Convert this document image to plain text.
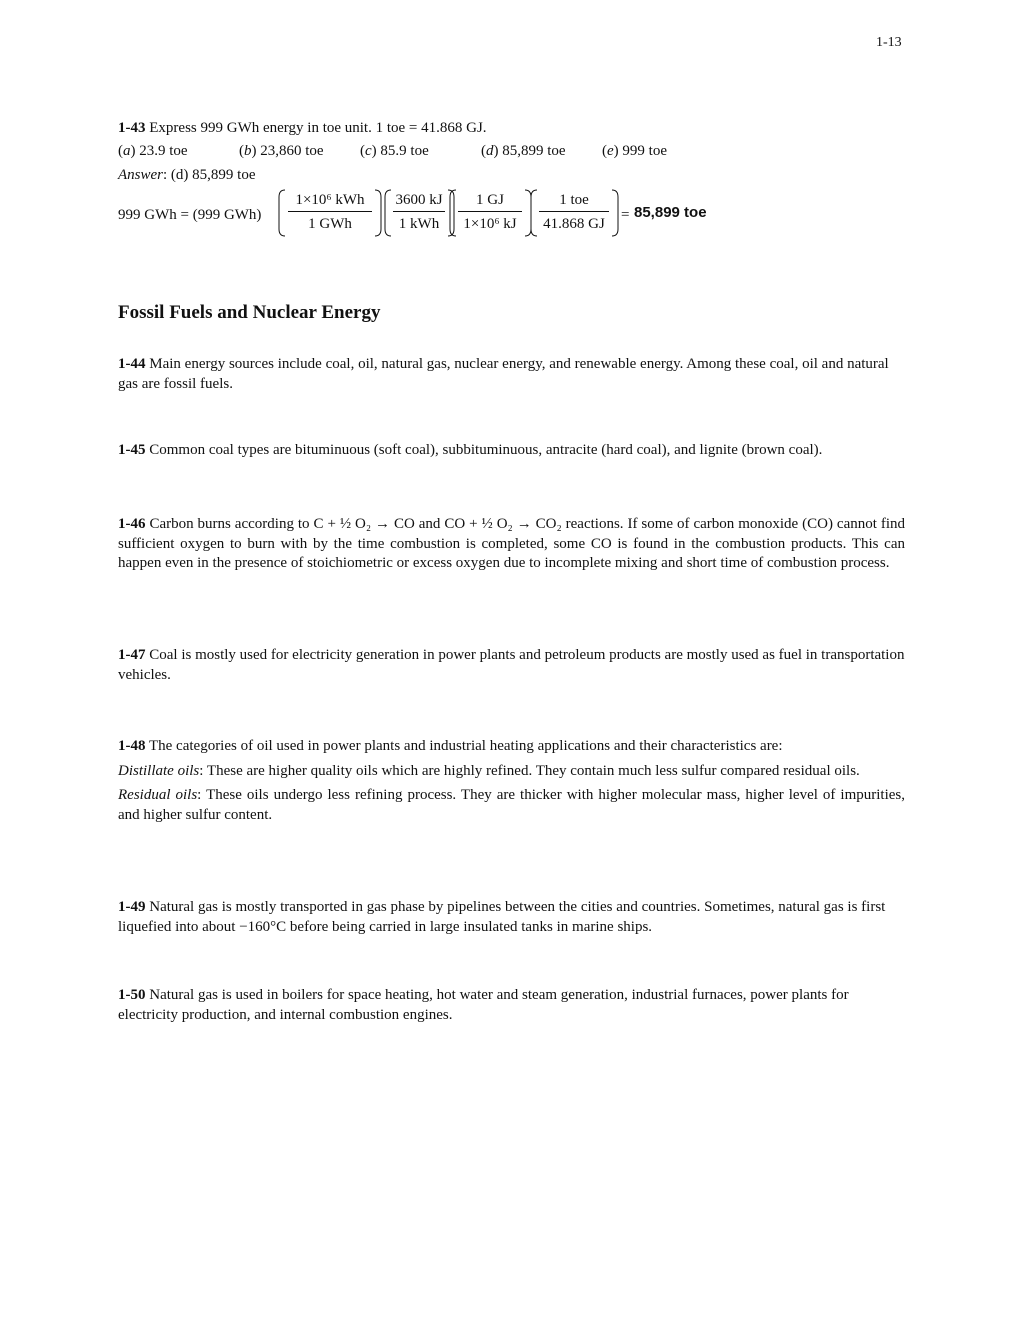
1-13

1-43 Express 999 GWh energy in toe unit. 1 toe = 41.868 GJ.

(a) 23.9 toe	(b) 23,860 toe	(c) 85.9 toe	(d) 85,899 toe	(e) 999 toe
Answer: (d) 85,899 toe
999 GWh = (999 GWh)
1×10⁶ kWh
1 GWh
3600 kJ
1 kWh	$\frac{1 GJ}{\text{1×10⁶ kJ}}$	1 toe
41.868 GJ
= 85,899 toe
Fossil Fuels and Nuclear Energy

1-44 Main energy sources include coal, oil, natural gas, nuclear energy, and renewable energy. Among these coal, oil and natural gas are fossil fuels.

1-45 Common coal types are bituminuous (soft coal), subbituminuous, antracite (hard coal), and lignite (brown coal).

1-46 Carbon burns according to C + ½ O₂ → CO and CO + ½ O₂ → CO₂ reactions. If some of carbon monoxide (CO) cannot find sufficient oxygen to burn with by the time combustion is completed, some CO is found in the combustion products. This can happen even in the presence of stoichiometric or excess oxygen due to incomplete mixing and short time of combustion process.

1-47 Coal is mostly used for electricity generation in power plants and petroleum products are mostly used as fuel in transportation vehicles.

1-48 The categories of oil used in power plants and industrial heating applications and their characteristics are:

Distillate oils: These are higher quality oils which are highly refined. They contain much less sulfur compared residual oils.

Residual oils: These oils undergo less refining process. They are thicker with higher molecular mass, higher level of impurities, and higher sulfur content.

1-49 Natural gas is mostly transported in gas phase by pipelines between the cities and countries. Sometimes, natural gas is first liquefied into about −160°C before being carried in large insulated tanks in marine ships.

1-50 Natural gas is used in boilers for space heating, hot water and steam generation, industrial furnaces, power plants for electricity production, and internal combustion engines.
